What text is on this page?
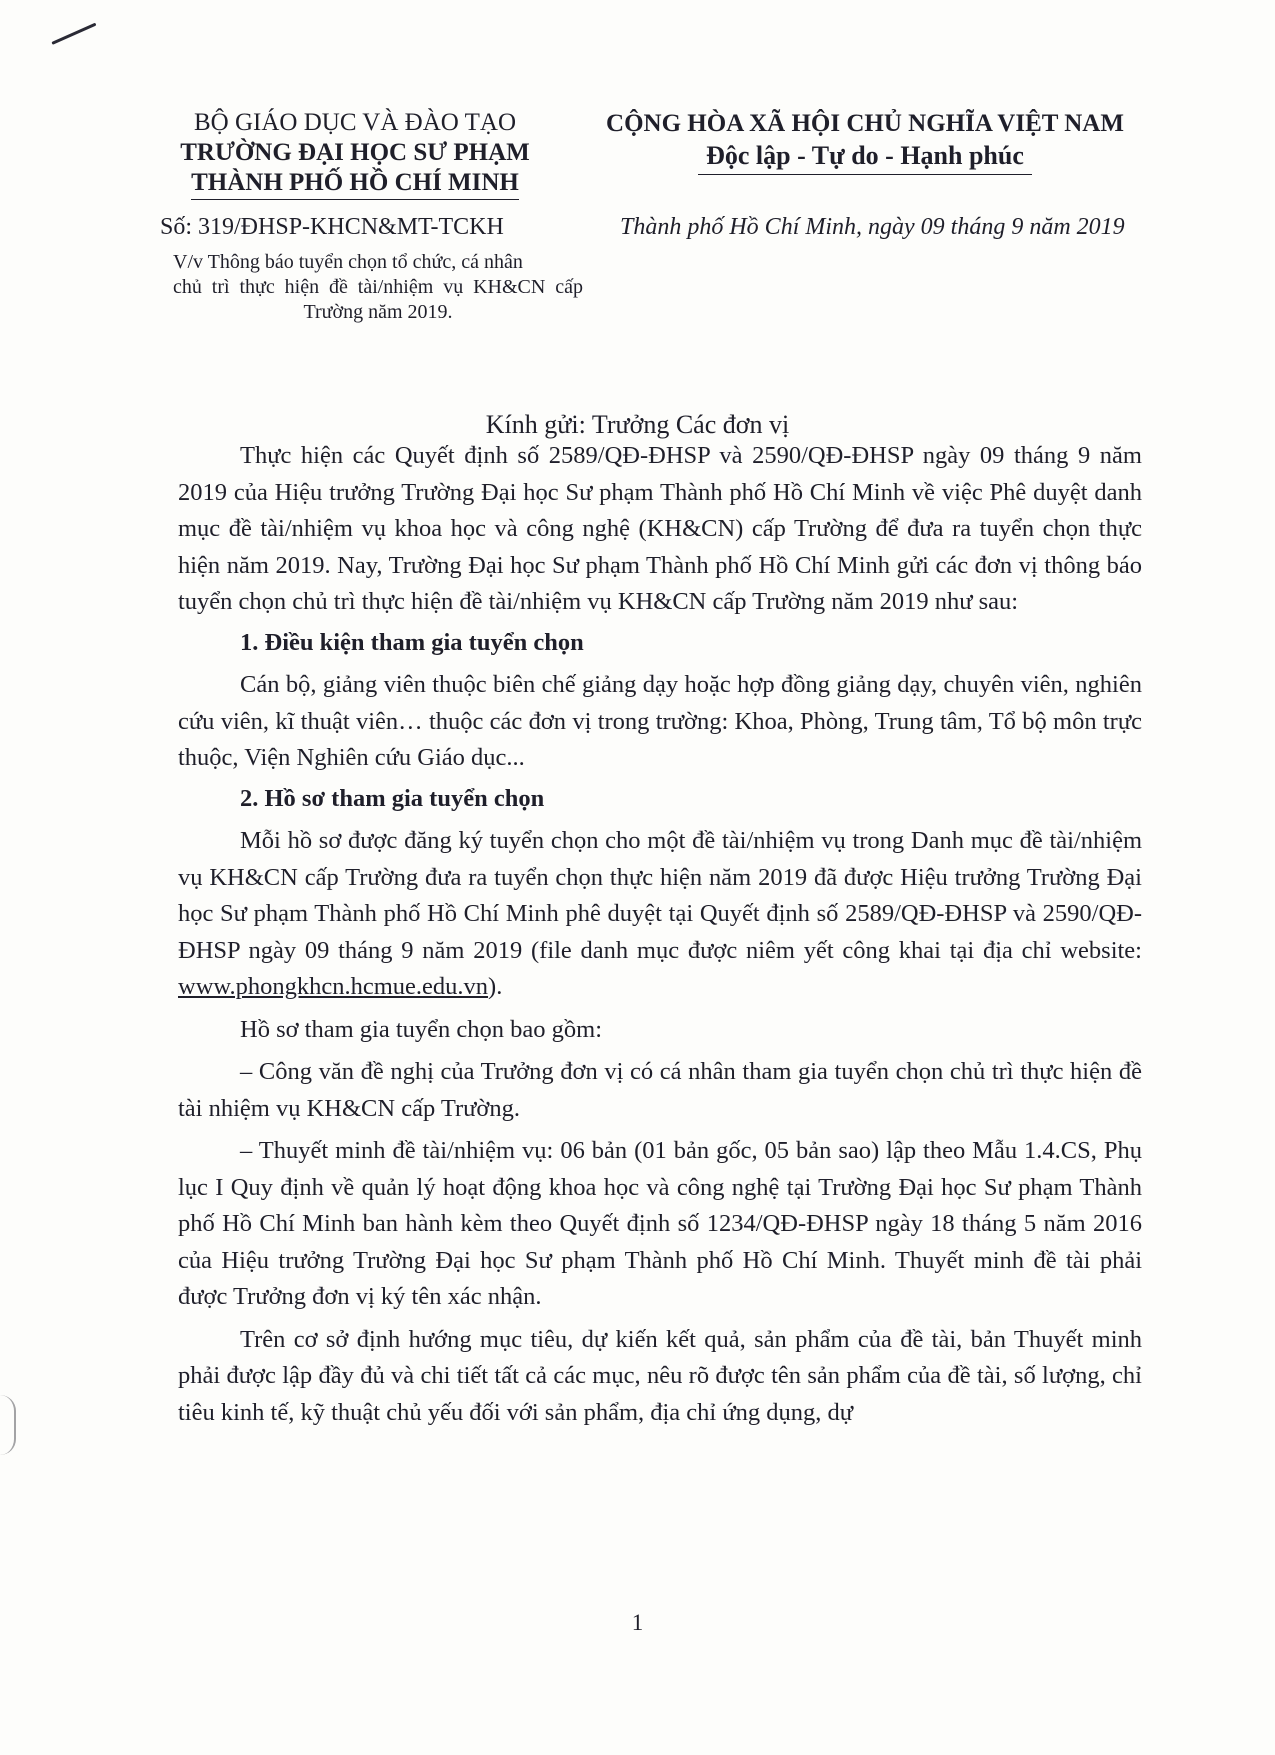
BỘ GIÁO DỤC VÀ ĐÀO TẠO
TRƯỜNG ĐẠI HỌC SƯ PHẠM
THÀNH PHỐ HỒ CHÍ MINH
CỘNG HÒA XÃ HỘI CHỦ NGHĨA VIỆT NAM
Độc lập - Tự do - Hạnh phúc
Số: 319/ĐHSP-KHCN&MT-TCKH	Thành phố Hồ Chí Minh, ngày 09 tháng 9 năm 2019
V/v Thông báo tuyển chọn tổ chức, cá nhân
chủ trì thực hiện đề tài/nhiệm vụ KH&CN cấp Trường năm 2019.
Kính gửi: Trưởng Các đơn vị

Thực hiện các Quyết định số 2589/QĐ-ĐHSP và 2590/QĐ-ĐHSP ngày 09 tháng 9 năm 2019 của Hiệu trưởng Trường Đại học Sư phạm Thành phố Hồ Chí Minh về việc Phê duyệt danh mục đề tài/nhiệm vụ khoa học và công nghệ (KH&CN) cấp Trường để đưa ra tuyển chọn thực hiện năm 2019. Nay, Trường Đại học Sư phạm Thành phố Hồ Chí Minh gửi các đơn vị thông báo tuyển chọn chủ trì thực hiện đề tài/nhiệm vụ KH&CN cấp Trường năm 2019 như sau:

1. Điều kiện tham gia tuyển chọn

Cán bộ, giảng viên thuộc biên chế giảng dạy hoặc hợp đồng giảng dạy, chuyên viên, nghiên cứu viên, kĩ thuật viên… thuộc các đơn vị trong trường: Khoa, Phòng, Trung tâm, Tổ bộ môn trực thuộc, Viện Nghiên cứu Giáo dục...

2. Hồ sơ tham gia tuyển chọn

Mỗi hồ sơ được đăng ký tuyển chọn cho một đề tài/nhiệm vụ trong Danh mục đề tài/nhiệm vụ KH&CN cấp Trường đưa ra tuyển chọn thực hiện năm 2019 đã được Hiệu trưởng Trường Đại học Sư phạm Thành phố Hồ Chí Minh phê duyệt tại Quyết định số 2589/QĐ-ĐHSP và 2590/QĐ-ĐHSP ngày 09 tháng 9 năm 2019 (file danh mục được niêm yết công khai tại địa chỉ website: www.phongkhcn.hcmue.edu.vn).

Hồ sơ tham gia tuyển chọn bao gồm:

– Công văn đề nghị của Trưởng đơn vị có cá nhân tham gia tuyển chọn chủ trì thực hiện đề tài nhiệm vụ KH&CN cấp Trường.

– Thuyết minh đề tài/nhiệm vụ: 06 bản (01 bản gốc, 05 bản sao) lập theo Mẫu 1.4.CS, Phụ lục I Quy định về quản lý hoạt động khoa học và công nghệ tại Trường Đại học Sư phạm Thành phố Hồ Chí Minh ban hành kèm theo Quyết định số 1234/QĐ-ĐHSP ngày 18 tháng 5 năm 2016 của Hiệu trưởng Trường Đại học Sư phạm Thành phố Hồ Chí Minh. Thuyết minh đề tài phải được Trưởng đơn vị ký tên xác nhận.

Trên cơ sở định hướng mục tiêu, dự kiến kết quả, sản phẩm của đề tài, bản Thuyết minh phải được lập đầy đủ và chi tiết tất cả các mục, nêu rõ được tên sản phẩm của đề tài, số lượng, chỉ tiêu kinh tế, kỹ thuật chủ yếu đối với sản phẩm, địa chỉ ứng dụng, dự

1
